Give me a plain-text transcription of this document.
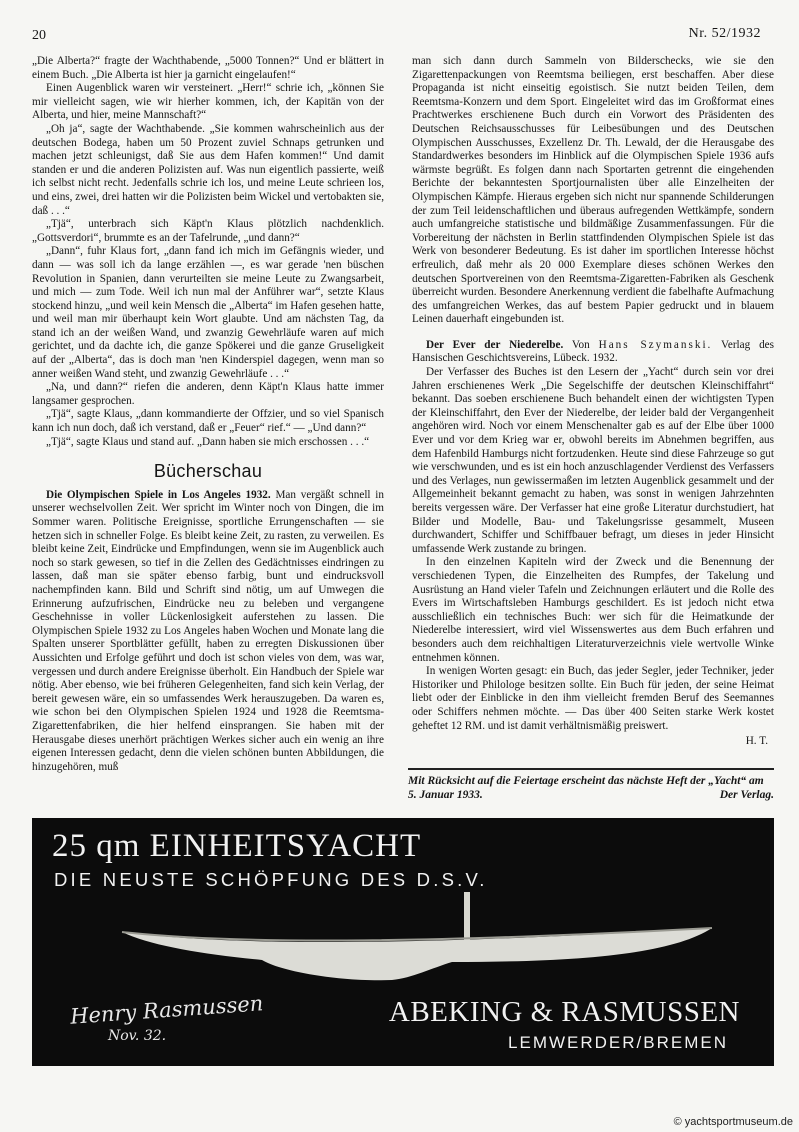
20	Nr. 52/1932

„Die Alberta?“ fragte der Wachthabende, „5000 Tonnen?“ Und er blättert in einem Buch. „Die Alberta ist hier ja garnicht eingelaufen!“

Einen Augenblick waren wir versteinert. „Herr!“ schrie ich, „können Sie mir vielleicht sagen, wie wir hierher kommen, ich, der Kapitän von der Alberta, und hier, meine Mannschaft?“

„Oh ja“, sagte der Wachthabende. „Sie kommen wahrscheinlich aus der deutschen Bodega, haben um 50 Prozent zuviel Schnaps getrunken und machen jetzt schleunigst, daß Sie aus dem Hafen kommen!“ Und damit standen er und die anderen Polizisten auf. Was nun eigentlich passierte, weiß ich selbst nicht recht. Jedenfalls schrie ich los, und meine Leute schrieen los, und eins, zwei, drei hatten wir die Polizisten beim Wickel und vertobakten sie, daß . . .“

„Tjä“, unterbrach sich Käpt'n Klaus plötzlich nachdenklich. „Gottsverdori“, brummte es an der Tafelrunde, „und dann?“

„Dann“, fuhr Klaus fort, „dann fand ich mich im Gefängnis wieder, und dann — was soll ich da lange erzählen —, es war gerade 'nen büschen Revolution in Spanien, dann verurteilten sie meine Leute zu Zwangsarbeit, und mich — zum Tode. Weil ich nun mal der Anführer war“, setzte Klaus stockend hinzu, „und weil kein Mensch die „Alberta“ im Hafen gesehen hatte, und weil man mir überhaupt kein Wort glaubte. Und am nächsten Tag, da stand ich an der weißen Wand, und zwanzig Gewehrläufe waren auf mich gerichtet, und da dachte ich, die ganze Spökerei und die ganze Gruseligkeit auf der „Alberta“, das is doch man 'nen Kinderspiel dagegen, wenn man so anner weißen Wand steht, und zwanzig Gewehrläufe . . .“

„Na, und dann?“ riefen die anderen, denn Käpt'n Klaus hatte immer langsamer gesprochen.

„Tjä“, sagte Klaus, „dann kommandierte der Offzier, und so viel Spanisch kann ich nun doch, daß ich verstand, daß er „Feuer“ rief.“ — „Und dann?“

„Tjä“, sagte Klaus und stand auf. „Dann haben sie mich erschossen . . .“

Bücherschau

Die Olympischen Spiele in Los Angeles 1932. Man vergäßt schnell in unserer wechselvollen Zeit. Wer spricht im Winter noch von Dingen, die im Sommer waren. Politische Ereignisse, sportliche Errungenschaften — sie hetzen sich in schneller Folge. Es bleibt keine Zeit, zu rasten, zu verweilen. Es bleibt keine Zeit, Eindrücke und Empfindungen, wenn sie im Augenblick auch noch so stark gewesen, so tief in die Zellen des Gedächtnisses eindringen zu lassen, daß man sie später ebenso farbig, bunt und eindrucksvoll nachempfinden kann. Bild und Schrift sind nötig, um auf Umwegen die Erinnerung aufzufrischen, Eindrücke neu zu beleben und vergangene Geschehnisse in voller Lückenlosigkeit auferstehen zu lassen. Die Olympischen Spiele 1932 zu Los Angeles haben Wochen und Monate lang die Spalten unserer Sportblätter gefüllt, haben zu erregten Diskussionen über Aussichten und Erfolge geführt und doch ist schon vieles von dem, was war, vergessen und durch andere Ereignisse überholt. Ein Handbuch der Spiele war nötig. Aber ebenso, wie bei früheren Gelegenheiten, fand sich kein Verlag, der bereit gewesen wäre, ein so umfassendes Werk herauszugeben. Da waren es, wie schon bei den Olympischen Spielen 1924 und 1928 die Reemtsma-Zigarettenfabriken, die hier helfend einsprangen. Sie haben mit der Herausgabe dieses unerhört prächtigen Werkes sicher auch ein wenig an ihre eigenen Interessen gedacht, denn die vielen schönen bunten Abbildungen, die hinzugehören, muß

man sich dann durch Sammeln von Bilderschecks, wie sie den Zigarettenpackungen von Reemtsma beiliegen, erst beschaffen. Aber diese Propaganda ist nicht einseitig egoistisch. Sie nutzt beiden Teilen, dem Reemtsma-Konzern und dem Sport. Eingeleitet wird das im Großformat eines Prachtwerkes erschienene Buch durch ein Vorwort des Präsidenten des Deutschen Reichsausschusses für Leibesübungen und des Deutschen Olympischen Ausschusses, Exzellenz Dr. Th. Lewald, der die Herausgabe des Standardwerkes besonders im Hinblick auf die Olympischen Spiele 1936 aufs wärmste begrüßt. Es folgen dann nach Sportarten getrennt die eingehenden Berichte der bekanntesten Sportjournalisten über alle Einzelheiten der Olympischen Kämpfe. Hieraus ergeben sich nicht nur spannende Schilderungen der zum Teil leidenschaftlichen und überaus aufregenden Wettkämpfe, sondern auch umfangreiche statistische und bildmäßige Zusammenfassungen. Für die Vorbereitung der nächsten in Berlin stattfindenden Olympischen Spiele ist das Werk von besonderer Bedeutung. Es ist daher im sportlichen Interesse höchst erfreulich, daß mehr als 20 000 Exemplare dieses schönen Werkes den deutschen Sportvereinen von den Reemtsma-Zigaretten-Fabriken als Geschenk überreicht wurden. Besondere Anerkennung verdient die fabelhafte Aufmachung des umfangreichen Werkes, das auf bestem Papier gedruckt und in blauem Leinen dauerhaft eingebunden ist.

Der Ever der Niederelbe. Von Hans Szymanski. Verlag des Hansischen Geschichtsvereins, Lübeck. 1932.

Der Verfasser des Buches ist den Lesern der „Yacht“ durch sein vor drei Jahren erschienenes Werk „Die Segelschiffe der deutschen Kleinschiffahrt“ bekannt. Das soeben erschienene Buch behandelt einen der wichtigsten Typen der Kleinschiffahrt, den Ever der Niederelbe, der leider bald der Vergangenheit angehören wird. Noch vor einem Menschenalter gab es auf der Elbe über 1000 Ever und vor dem Krieg war er, obwohl bereits im Abnehmen begriffen, aus dem Hafenbild Hamburgs nicht fortzudenken. Heute sind diese Fahrzeuge so gut wie verschwunden, und es ist ein hoch anzuschlagender Verdienst des Verfassers und des Verlages, nun gewissermaßen im letzten Augenblick gesammelt und der Allgemeinheit bekannt gemacht zu haben, was sonst in wenigen Jahrzehnten bereits vergessen wäre. Der Verfasser hat eine große Literatur durchstudiert, hat Bilder und Modelle, Bau- und Takelungsrisse gesammelt, Museen durchwandert, Schiffer und Schiffbauer befragt, um dieses in jeder Hinsicht umfassende Werk zustande zu bringen.

In den einzelnen Kapiteln wird der Zweck und die Benennung der verschiedenen Typen, die Einzelheiten des Rumpfes, der Takelung und Ausrüstung an Hand vieler Tafeln und Zeichnungen erläutert und die Rolle des Evers im Wirtschaftsleben Hamburgs geschildert. Es ist jedoch nicht etwa ausschließlich ein technisches Buch: wer sich für die Heimatkunde der Niederelbe interessiert, wird viel Wissenswertes aus dem Buch erfahren und besonders auch dem reichhaltigen Literaturverzeichnis viele wertvolle Winke entnehmen können.

In wenigen Worten gesagt: ein Buch, das jeder Segler, jeder Techniker, jeder Historiker und Philologe besitzen sollte. Ein Buch für jeden, der seine Heimat liebt oder der Einblicke in den ihm vielleicht fremden Beruf des Seemannes oder Schiffers nehmen möchte. — Das über 400 Seiten starke Werk kostet geheftet 12 RM. und ist damit verhältnismäßig preiswert.

H. T.
Mit Rücksicht auf die Feiertage erscheint das nächste Heft der „Yacht“ am 5. Januar 1933.	Der Verlag.
25 qm EINHEITSYACHT
DIE NEUSTE SCHÖPFUNG DES D.S.V.
Henry Rasmussen
Nov. 32.
ABEKING & RASMUSSEN
LEMWERDER/BREMEN
© yachtsportmuseum.de
